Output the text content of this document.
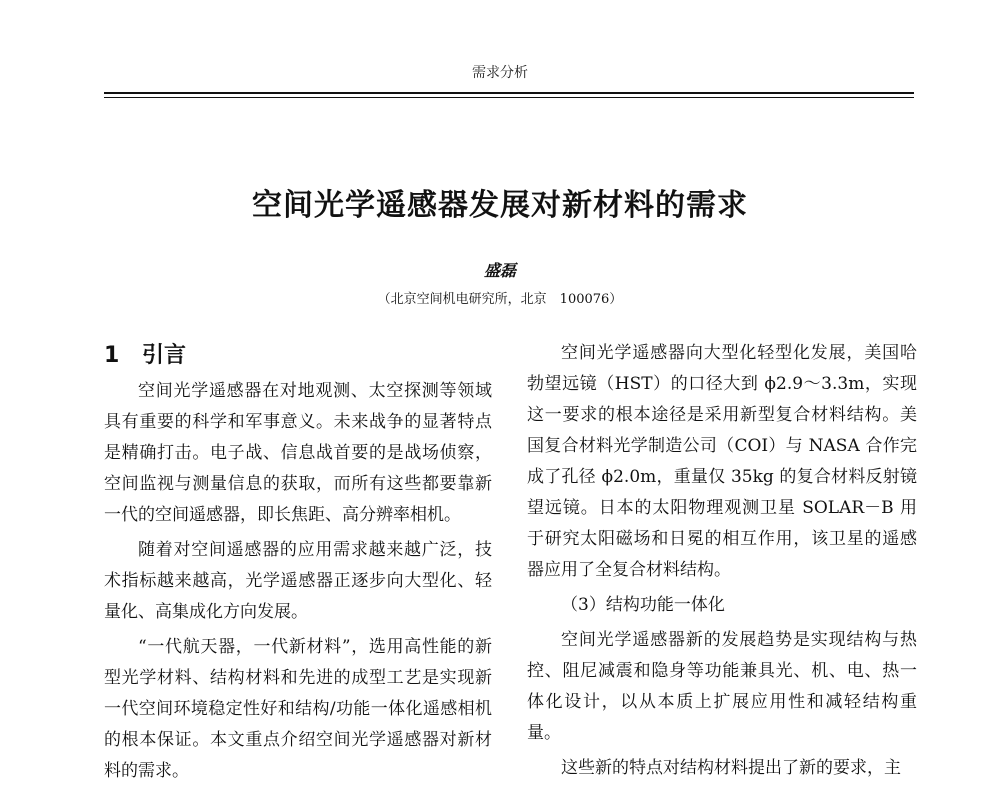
需求分析
空间光学遥感器发展对新材料的需求
盛磊
（北京空间机电研究所，北京　100076）
1 引言

空间光学遥感器在对地观测、太空探测等领域具有重要的科学和军事意义。未来战争的显著特点是精确打击。电子战、信息战首要的是战场侦察，空间监视与测量信息的获取，而所有这些都要靠新一代的空间遥感器，即长焦距、高分辨率相机。

随着对空间遥感器的应用需求越来越广泛，技术指标越来越高，光学遥感器正逐步向大型化、轻量化、高集成化方向发展。

“一代航天器，一代新材料”，选用高性能的新型光学材料、结构材料和先进的成型工艺是实现新一代空间环境稳定性好和结构/功能一体化遥感相机的根本保证。本文重点介绍空间光学遥感器对新材料的需求。

空间光学遥感器向大型化轻型化发展，美国哈勃望远镜（HST）的口径大到 ϕ2.9～3.3m，实现这一要求的根本途径是采用新型复合材料结构。美国复合材料光学制造公司（COI）与 NASA 合作完成了孔径 ϕ2.0m，重量仅 35kg 的复合材料反射镜望远镜。日本的太阳物理观测卫星 SOLAR－B 用于研究太阳磁场和日冕的相互作用，该卫星的遥感器应用了全复合材料结构。

（3）结构功能一体化

空间光学遥感器新的发展趋势是实现结构与热控、阻尼减震和隐身等功能兼具光、机、电、热一体化设计，以从本质上扩展应用性和减轻结构重量。

这些新的特点对结构材料提出了新的要求，主
